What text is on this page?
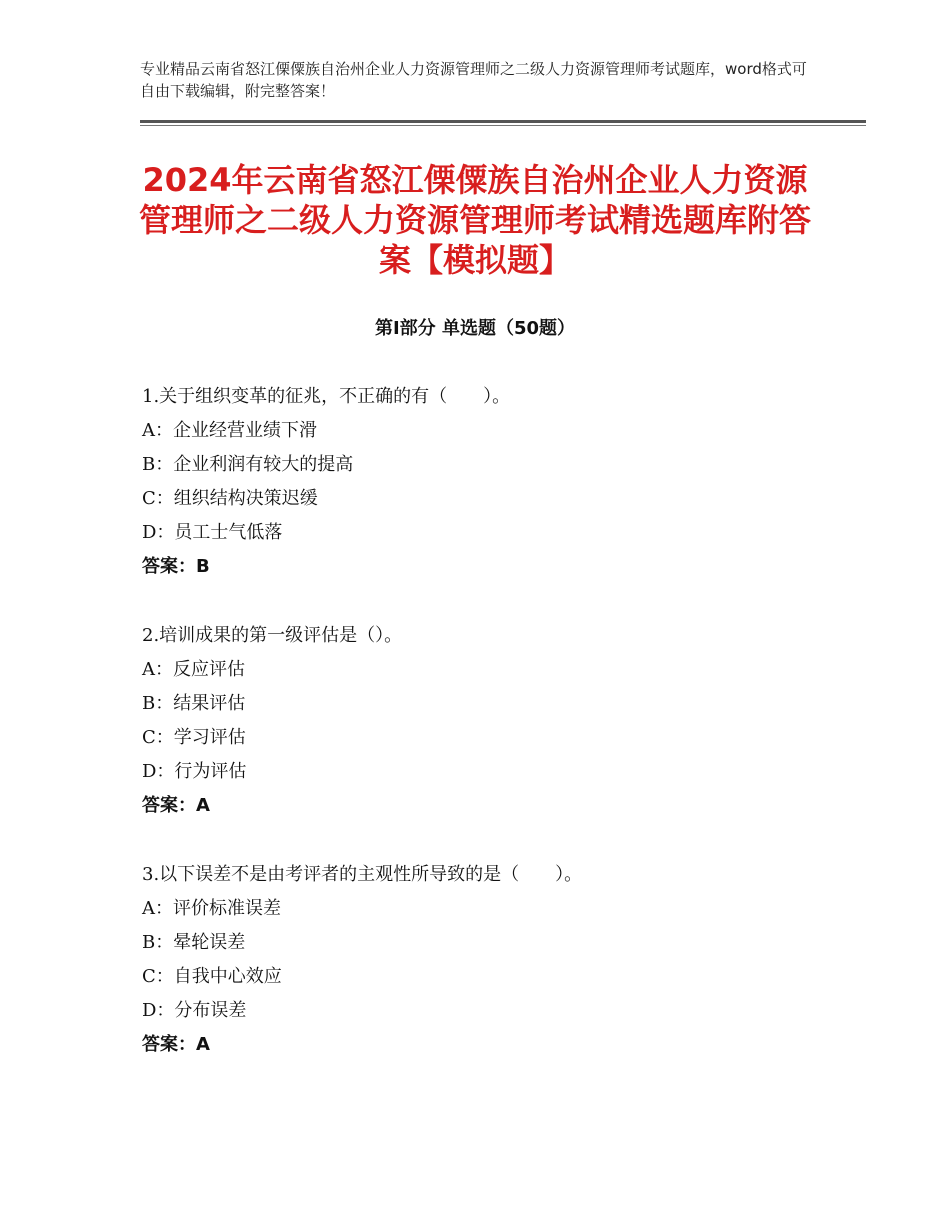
专业精品云南省怒江傈僳族自治州企业人力资源管理师之二级人力资源管理师考试题库，word格式可自由下载编辑，附完整答案！
2024年云南省怒江傈僳族自治州企业人力资源管理师之二级人力资源管理师考试精选题库附答案【模拟题】
第Ⅰ部分 单选题（50题）
1.关于组织变革的征兆，不正确的有（　　）。
A：企业经营业绩下滑
B：企业利润有较大的提高
C：组织结构决策迟缓
D：员工士气低落
答案：B
2.培训成果的第一级评估是（）。
A：反应评估
B：结果评估
C：学习评估
D：行为评估
答案：A
3.以下误差不是由考评者的主观性所导致的是（　　）。
A：评价标准误差
B：晕轮误差
C：自我中心效应
D：分布误差
答案：A
